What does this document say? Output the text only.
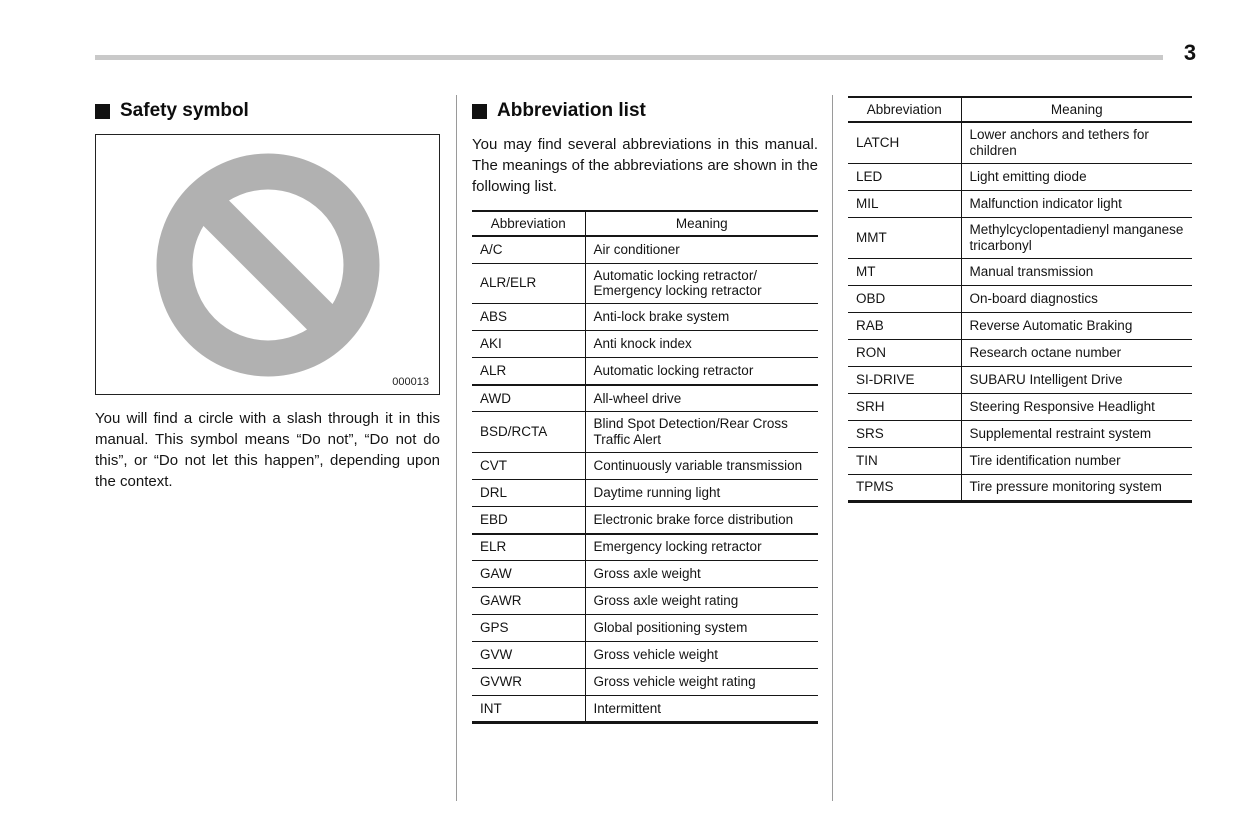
3
Safety symbol
000013

You will find a circle with a slash through it in this manual. This symbol means “Do not”, “Do not do this”, or “Do not let this happen”, depending upon the context.

Abbreviation list

You may find several abbreviations in this manual. The meanings of the abbreviations are shown in the following list.

Abbreviation	Meaning
A/C	Air conditioner
ALR/ELR	Automatic locking retractor/ Emergency locking retractor
ABS	Anti-lock brake system
AKI	Anti knock index
ALR	Automatic locking retractor
AWD	All-wheel drive
BSD/RCTA	Blind Spot Detection/Rear Cross Traffic Alert
CVT	Continuously variable transmission
DRL	Daytime running light
EBD	Electronic brake force distribution
ELR	Emergency locking retractor
GAW	Gross axle weight
GAWR	Gross axle weight rating
GPS	Global positioning system
GVW	Gross vehicle weight
GVWR	Gross vehicle weight rating
INT	Intermittent
Abbreviation	Meaning
LATCH	Lower anchors and tethers for children
LED	Light emitting diode
MIL	Malfunction indicator light
MMT	Methylcyclopentadienyl manganese tricarbonyl
MT	Manual transmission
OBD	On-board diagnostics
RAB	Reverse Automatic Braking
RON	Research octane number
SI-DRIVE	SUBARU Intelligent Drive
SRH	Steering Responsive Headlight
SRS	Supplemental restraint system
TIN	Tire identification number
TPMS	Tire pressure monitoring system
